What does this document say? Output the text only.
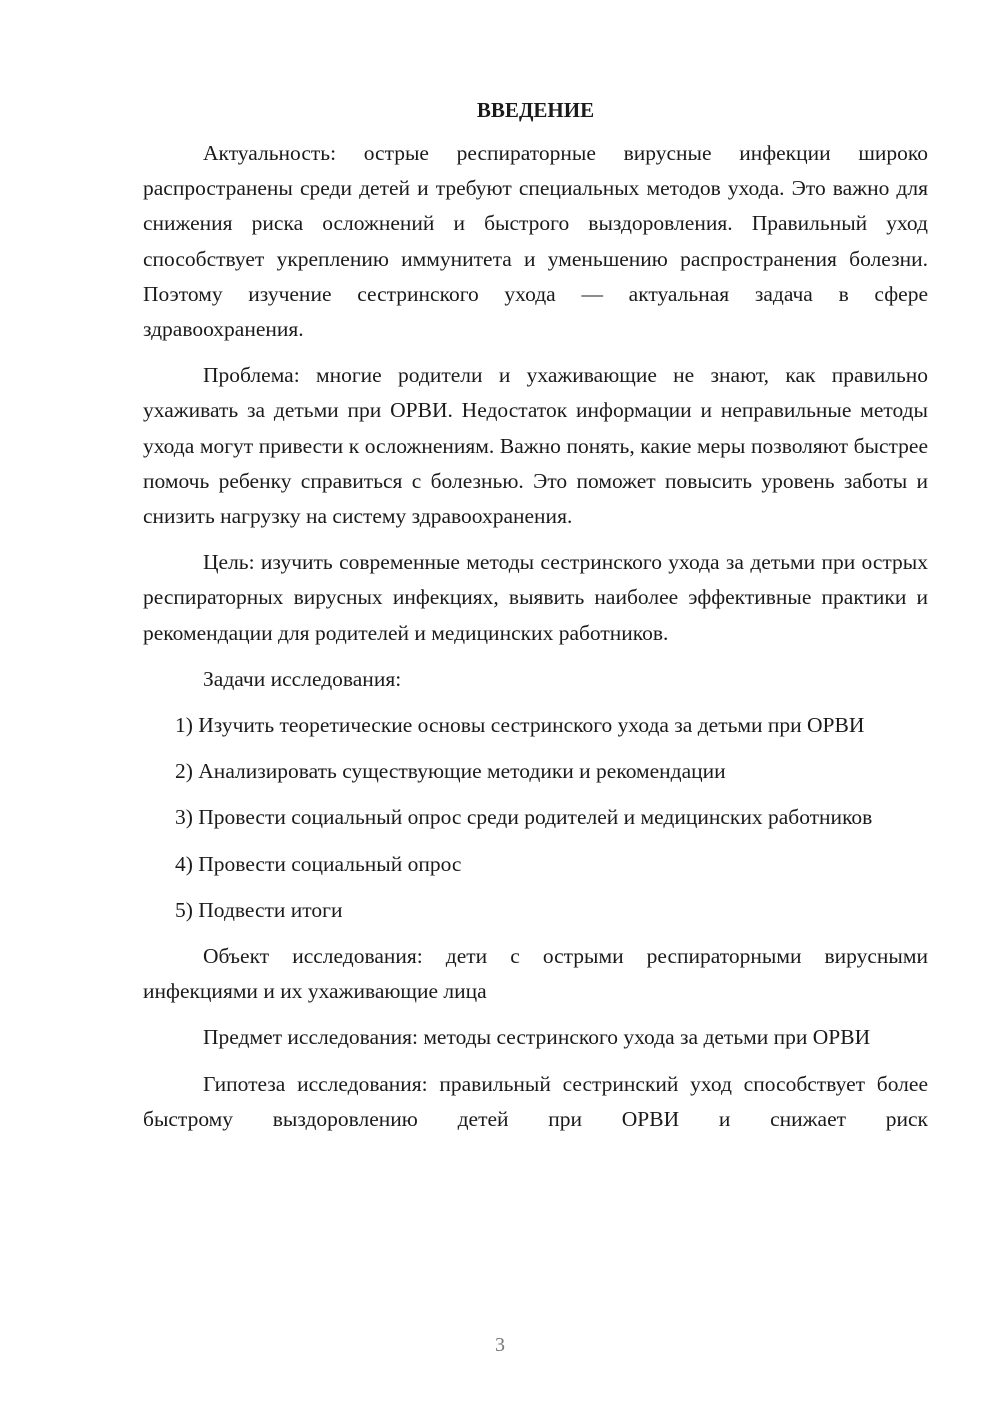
ВВЕДЕНИЕ

Актуальность: острые респираторные вирусные инфекции широко распространены среди детей и требуют специальных методов ухода. Это важно для снижения риска осложнений и быстрого выздоровления. Правильный уход способствует укреплению иммунитета и уменьшению распространения болезни. Поэтому изучение сестринского ухода — актуальная задача в сфере здравоохранения.

Проблема: многие родители и ухаживающие не знают, как правильно ухаживать за детьми при ОРВИ. Недостаток информации и неправильные методы ухода могут привести к осложнениям. Важно понять, какие меры позволяют быстрее помочь ребенку справиться с болезнью. Это поможет повысить уровень заботы и снизить нагрузку на систему здравоохранения.

Цель: изучить современные методы сестринского ухода за детьми при острых респираторных вирусных инфекциях, выявить наиболее эффективные практики и рекомендации для родителей и медицинских работников.

Задачи исследования:

1) Изучить теоретические основы сестринского ухода за детьми при ОРВИ

2) Анализировать существующие методики и рекомендации

3) Провести социальный опрос среди родителей и медицинских работников

4) Провести социальный опрос

5) Подвести итоги

Объект исследования: дети с острыми респираторными вирусными инфекциями и их ухаживающие лица

Предмет исследования: методы сестринского ухода за детьми при ОРВИ

Гипотеза исследования: правильный сестринский уход способствует более быстрому выздоровлению детей при ОРВИ и снижает риск

3
